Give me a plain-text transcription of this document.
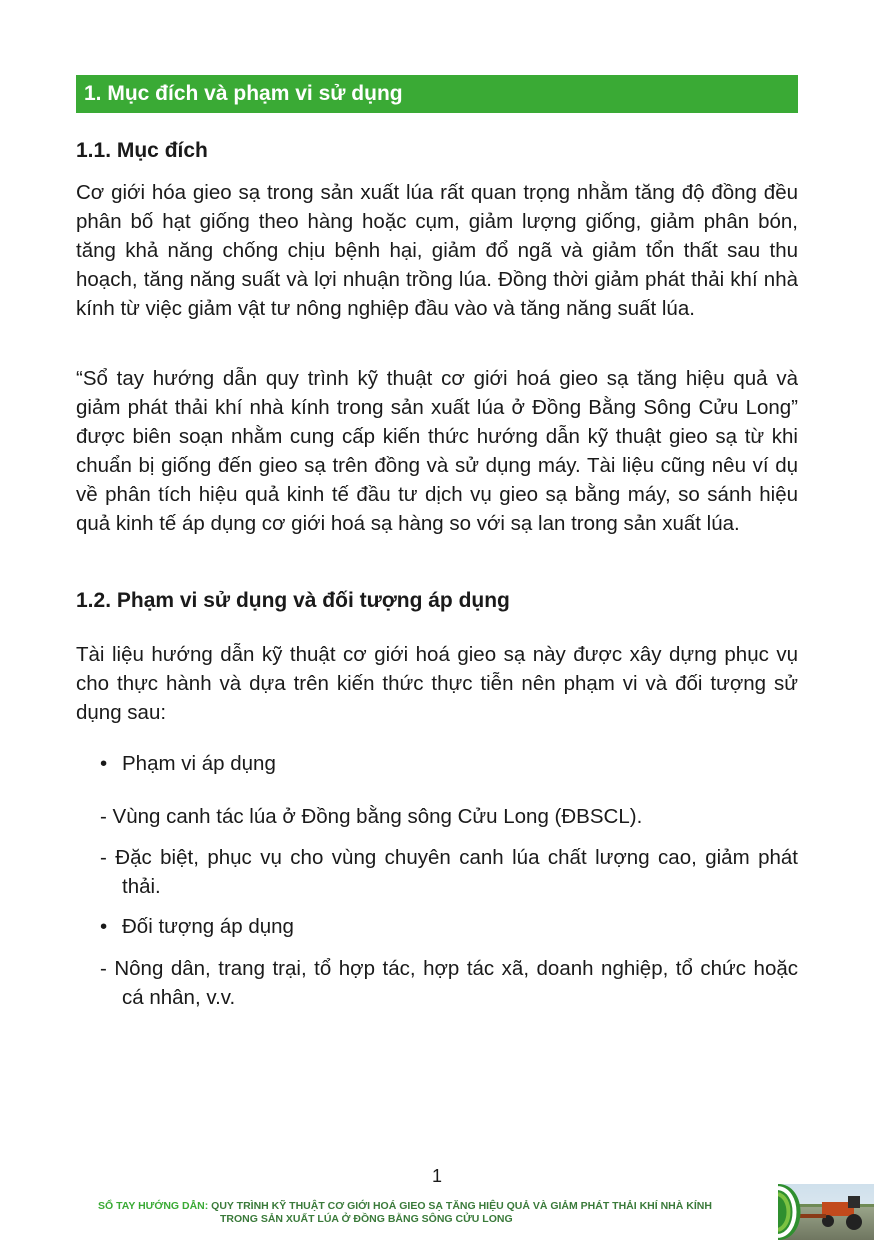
1. Mục đích và phạm vi sử dụng
1.1. Mục đích

Cơ giới hóa gieo sạ trong sản xuất lúa rất quan trọng nhằm tăng độ đồng đều phân bố hạt giống theo hàng hoặc cụm, giảm lượng giống, giảm phân bón, tăng khả năng chống chịu bệnh hại, giảm đổ ngã và giảm tổn thất sau thu hoạch, tăng năng suất và lợi nhuận trồng lúa. Đồng thời giảm phát thải khí nhà kính từ việc giảm vật tư nông nghiệp đầu vào và tăng năng suất lúa.

“Sổ tay hướng dẫn quy trình kỹ thuật cơ giới hoá gieo sạ tăng hiệu quả và giảm phát thải khí nhà kính trong sản xuất lúa ở Đồng Bằng Sông Cửu Long” được biên soạn nhằm cung cấp kiến thức hướng dẫn kỹ thuật gieo sạ từ khi chuẩn bị giống đến gieo sạ trên đồng và sử dụng máy. Tài liệu cũng nêu ví dụ về phân tích hiệu quả kinh tế đầu tư dịch vụ gieo sạ bằng máy, so sánh hiệu quả kinh tế áp dụng cơ giới hoá sạ hàng so với sạ lan trong sản xuất lúa.

1.2. Phạm vi sử dụng và đối tượng áp dụng

Tài liệu hướng dẫn kỹ thuật cơ giới hoá gieo sạ này được xây dựng phục vụ cho thực hành và dựa trên kiến thức thực tiễn nên phạm vi và đối tượng sử dụng sau:

• Phạm vi áp dụng

- Vùng canh tác lúa ở Đồng bằng sông Cửu Long (ĐBSCL).

- Đặc biệt, phục vụ cho vùng chuyên canh lúa chất lượng cao, giảm phát thải.

• Đối tượng áp dụng

- Nông dân, trang trại, tổ hợp tác, hợp tác xã, doanh nghiệp, tổ chức hoặc cá nhân, v.v.

1
SỔ TAY HƯỚNG DẪN: QUY TRÌNH KỸ THUẬT CƠ GIỚI HOÁ GIEO SẠ TĂNG HIỆU QUẢ VÀ GIẢM PHÁT THẢI KHÍ NHÀ KÍNH
TRONG SẢN XUẤT LÚA Ở ĐỒNG BẰNG SÔNG CỬU LONG
